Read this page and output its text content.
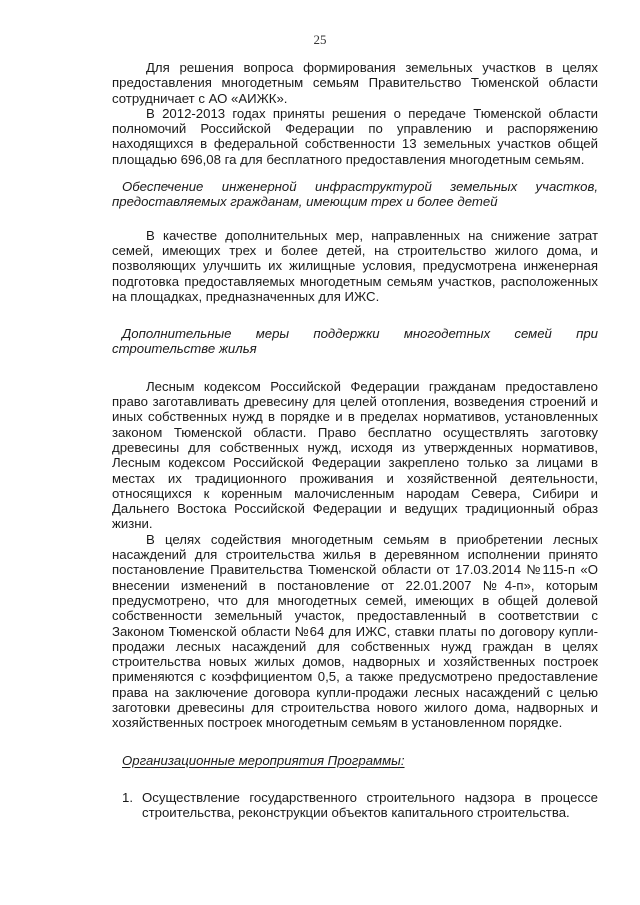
25

Для решения вопроса формирования земельных участков в целях предоставления многодетным семьям Правительство Тюменской области сотрудничает с АО «АИЖК».

В 2012-2013 годах приняты решения о передаче Тюменской области полномочий Российской Федерации по управлению и распоряжению находящихся в федеральной собственности 13 земельных участков общей площадью 696,08 га для бесплатного предоставления многодетным семьям.

Обеспечение инженерной инфраструктурой земельных участков, предоставляемых гражданам, имеющим трех и более детей

В качестве дополнительных мер, направленных на снижение затрат семей, имеющих трех и более детей, на строительство жилого дома, и позволяющих улучшить их жилищные условия, предусмотрена инженерная подготовка предоставляемых многодетным семьям участков, расположенных на площадках, предназначенных для ИЖС.

Дополнительные меры поддержки многодетных семей при строительстве жилья

Лесным кодексом Российской Федерации гражданам предоставлено право заготавливать древесину для целей отопления, возведения строений и иных собственных нужд в порядке и в пределах нормативов, установленных законом Тюменской области. Право бесплатно осуществлять заготовку древесины для собственных нужд, исходя из утвержденных нормативов, Лесным кодексом Российской Федерации закреплено только за лицами в местах их традиционного проживания и хозяйственной деятельности, относящихся к коренным малочисленным народам Севера, Сибири и Дальнего Востока Российской Федерации и ведущих традиционный образ жизни.

В целях содействия многодетным семьям в приобретении лесных насаждений для строительства жилья в деревянном исполнении принято постановление Правительства Тюменской области от 17.03.2014 №115-п «О внесении изменений в постановление от 22.01.2007 №4-п», которым предусмотрено, что для многодетных семей, имеющих в общей долевой собственности земельный участок, предоставленный в соответствии с Законом Тюменской области №64 для ИЖС, ставки платы по договору купли-продажи лесных насаждений для собственных нужд граждан в целях строительства новых жилых домов, надворных и хозяйственных построек применяются с коэффициентом 0,5, а также предусмотрено предоставление права на заключение договора купли-продажи лесных насаждений с целью заготовки древесины для строительства нового жилого дома, надворных и хозяйственных построек многодетным семьям в установленном порядке.

Организационные мероприятия Программы:

1. Осуществление государственного строительного надзора в процессе строительства, реконструкции объектов капитального строительства.
